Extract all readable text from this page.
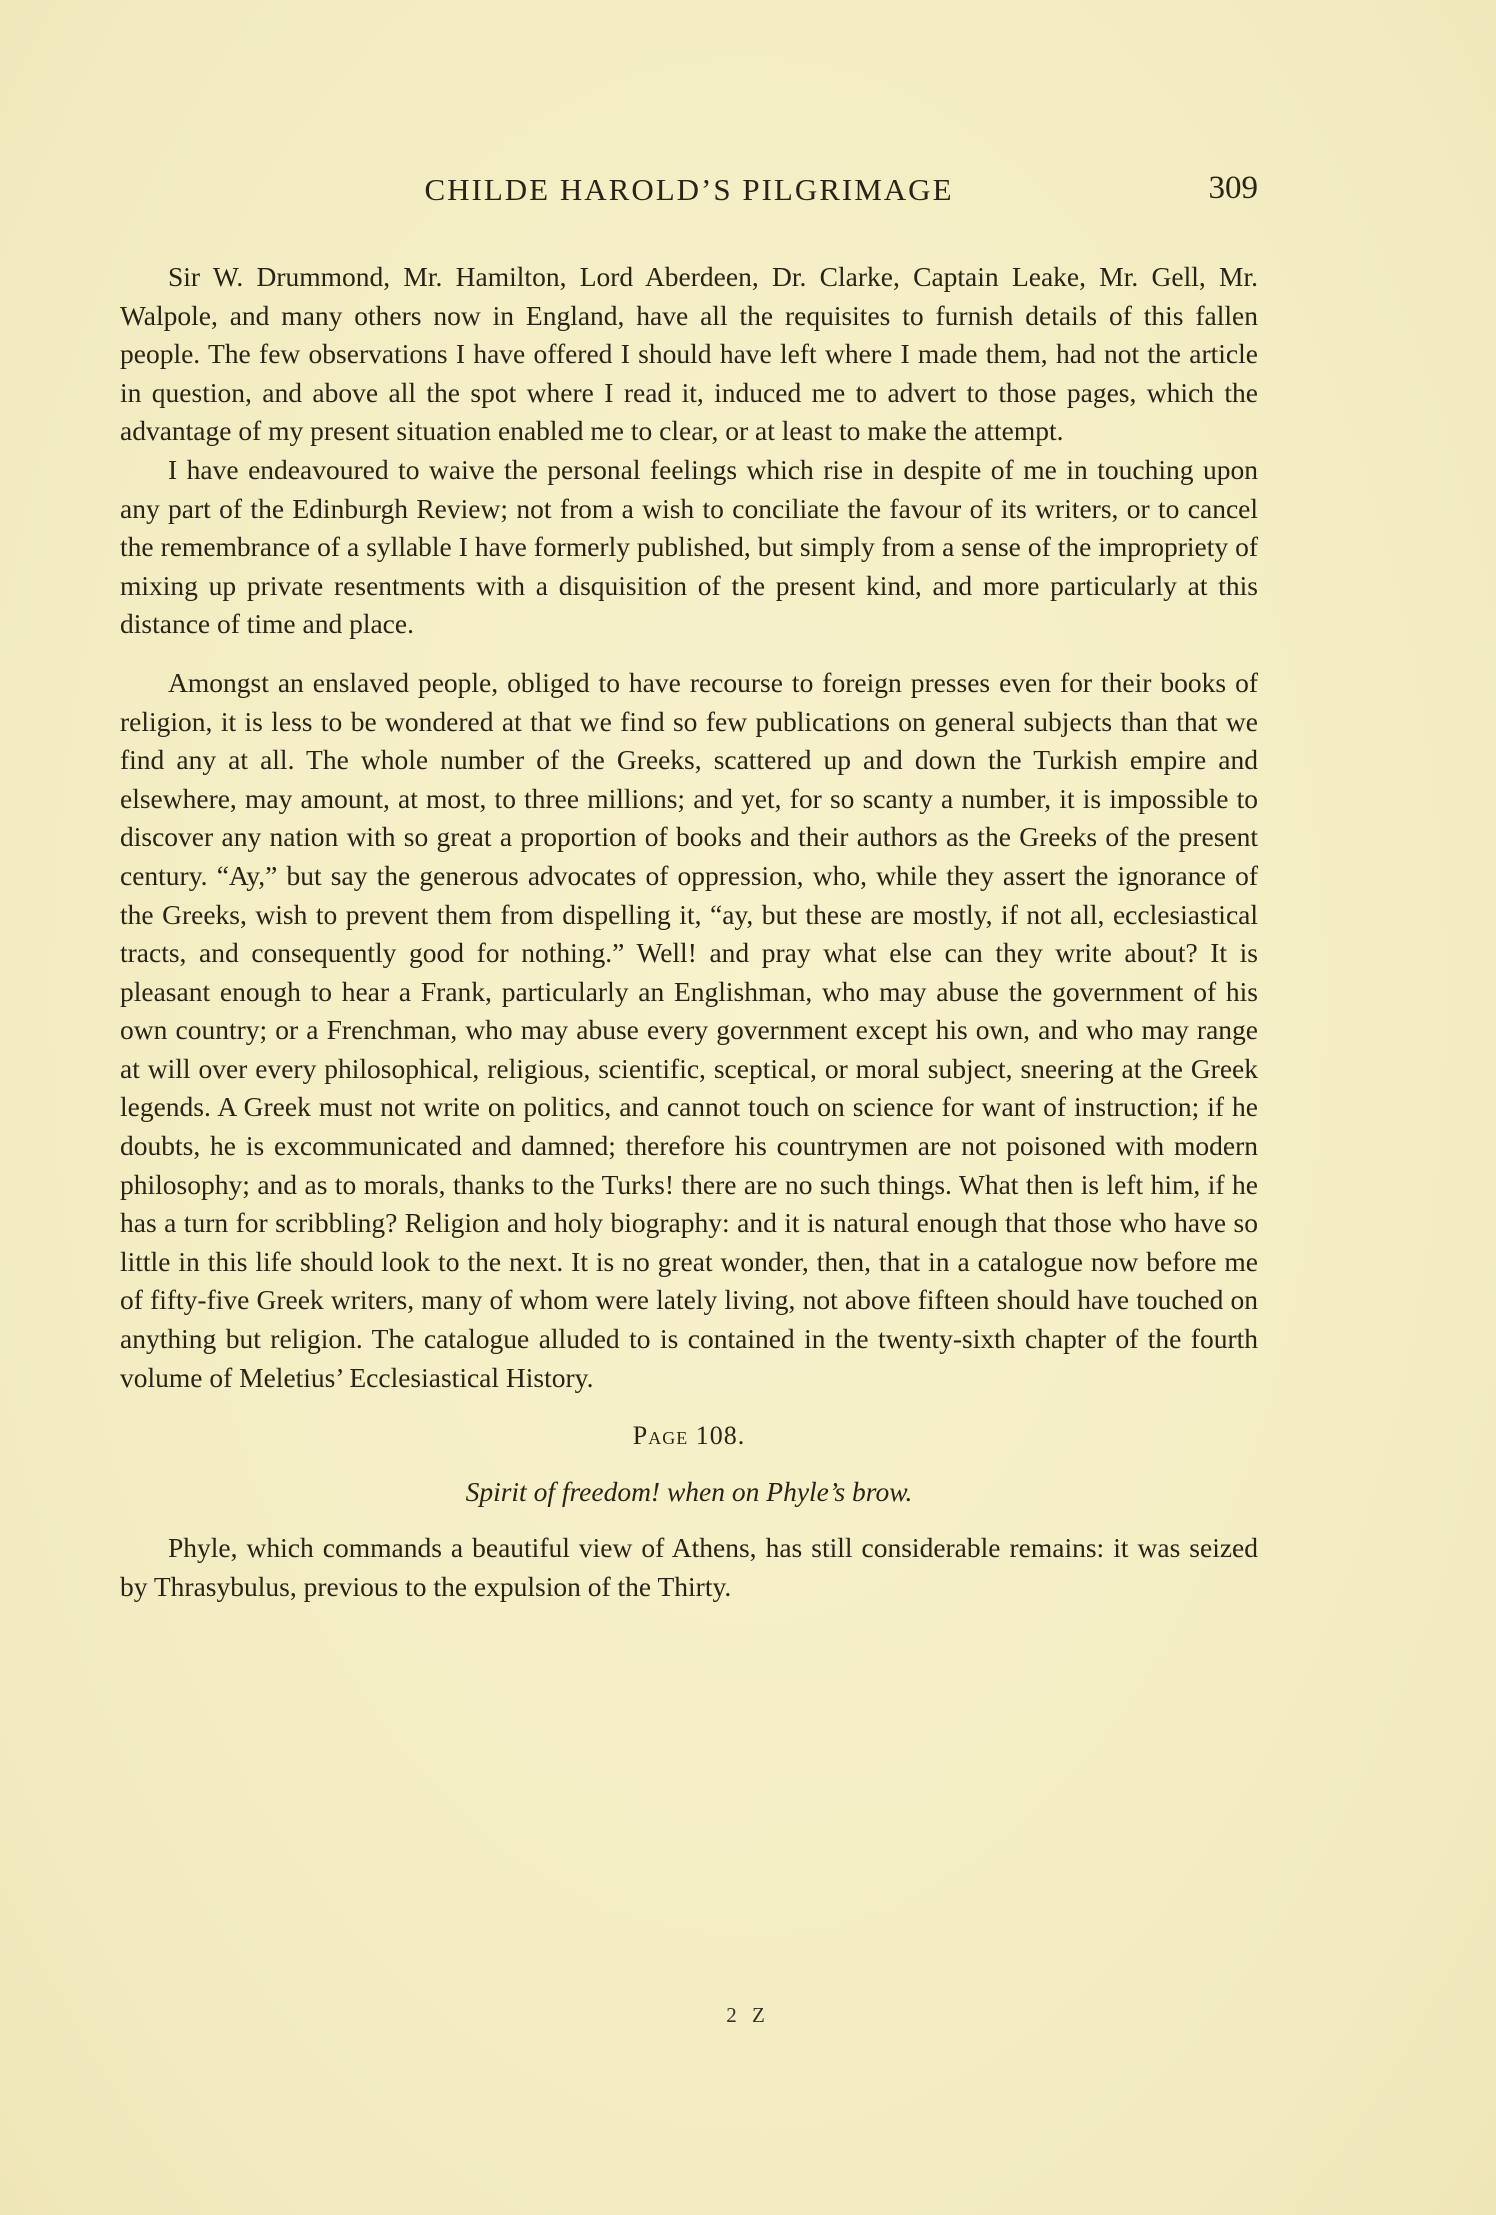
CHILDE HAROLD’S PILGRIMAGE	309

Sir W. Drummond, Mr. Hamilton, Lord Aberdeen, Dr. Clarke, Captain Leake, Mr. Gell, Mr. Walpole, and many others now in England, have all the requisites to furnish details of this fallen people. The few observations I have offered I should have left where I made them, had not the article in question, and above all the spot where I read it, induced me to advert to those pages, which the advantage of my present situation enabled me to clear, or at least to make the attempt.

I have endeavoured to waive the personal feelings which rise in despite of me in touching upon any part of the Edinburgh Review; not from a wish to conciliate the favour of its writers, or to cancel the remembrance of a syllable I have formerly published, but simply from a sense of the impropriety of mixing up private resentments with a disquisition of the present kind, and more particularly at this distance of time and place.

Amongst an enslaved people, obliged to have recourse to foreign presses even for their books of religion, it is less to be wondered at that we find so few publications on general subjects than that we find any at all. The whole number of the Greeks, scattered up and down the Turkish empire and elsewhere, may amount, at most, to three millions; and yet, for so scanty a number, it is impossible to discover any nation with so great a proportion of books and their authors as the Greeks of the present century. “Ay,” but say the generous advocates of oppression, who, while they assert the ignorance of the Greeks, wish to prevent them from dispelling it, “ay, but these are mostly, if not all, ecclesiastical tracts, and consequently good for nothing.” Well! and pray what else can they write about? It is pleasant enough to hear a Frank, particularly an Englishman, who may abuse the government of his own country; or a Frenchman, who may abuse every government except his own, and who may range at will over every philosophical, religious, scientific, sceptical, or moral subject, sneering at the Greek legends. A Greek must not write on politics, and cannot touch on science for want of instruction; if he doubts, he is excommunicated and damned; therefore his countrymen are not poisoned with modern philosophy; and as to morals, thanks to the Turks! there are no such things. What then is left him, if he has a turn for scribbling? Religion and holy biography: and it is natural enough that those who have so little in this life should look to the next. It is no great wonder, then, that in a catalogue now before me of fifty-five Greek writers, many of whom were lately living, not above fifteen should have touched on anything but religion. The catalogue alluded to is contained in the twenty-sixth chapter of the fourth volume of Meletius’ Ecclesiastical History.

Page 108.
Spirit of freedom! when on Phyle’s brow.

Phyle, which commands a beautiful view of Athens, has still considerable remains: it was seized by Thrasybulus, previous to the expulsion of the Thirty.

2 Z
